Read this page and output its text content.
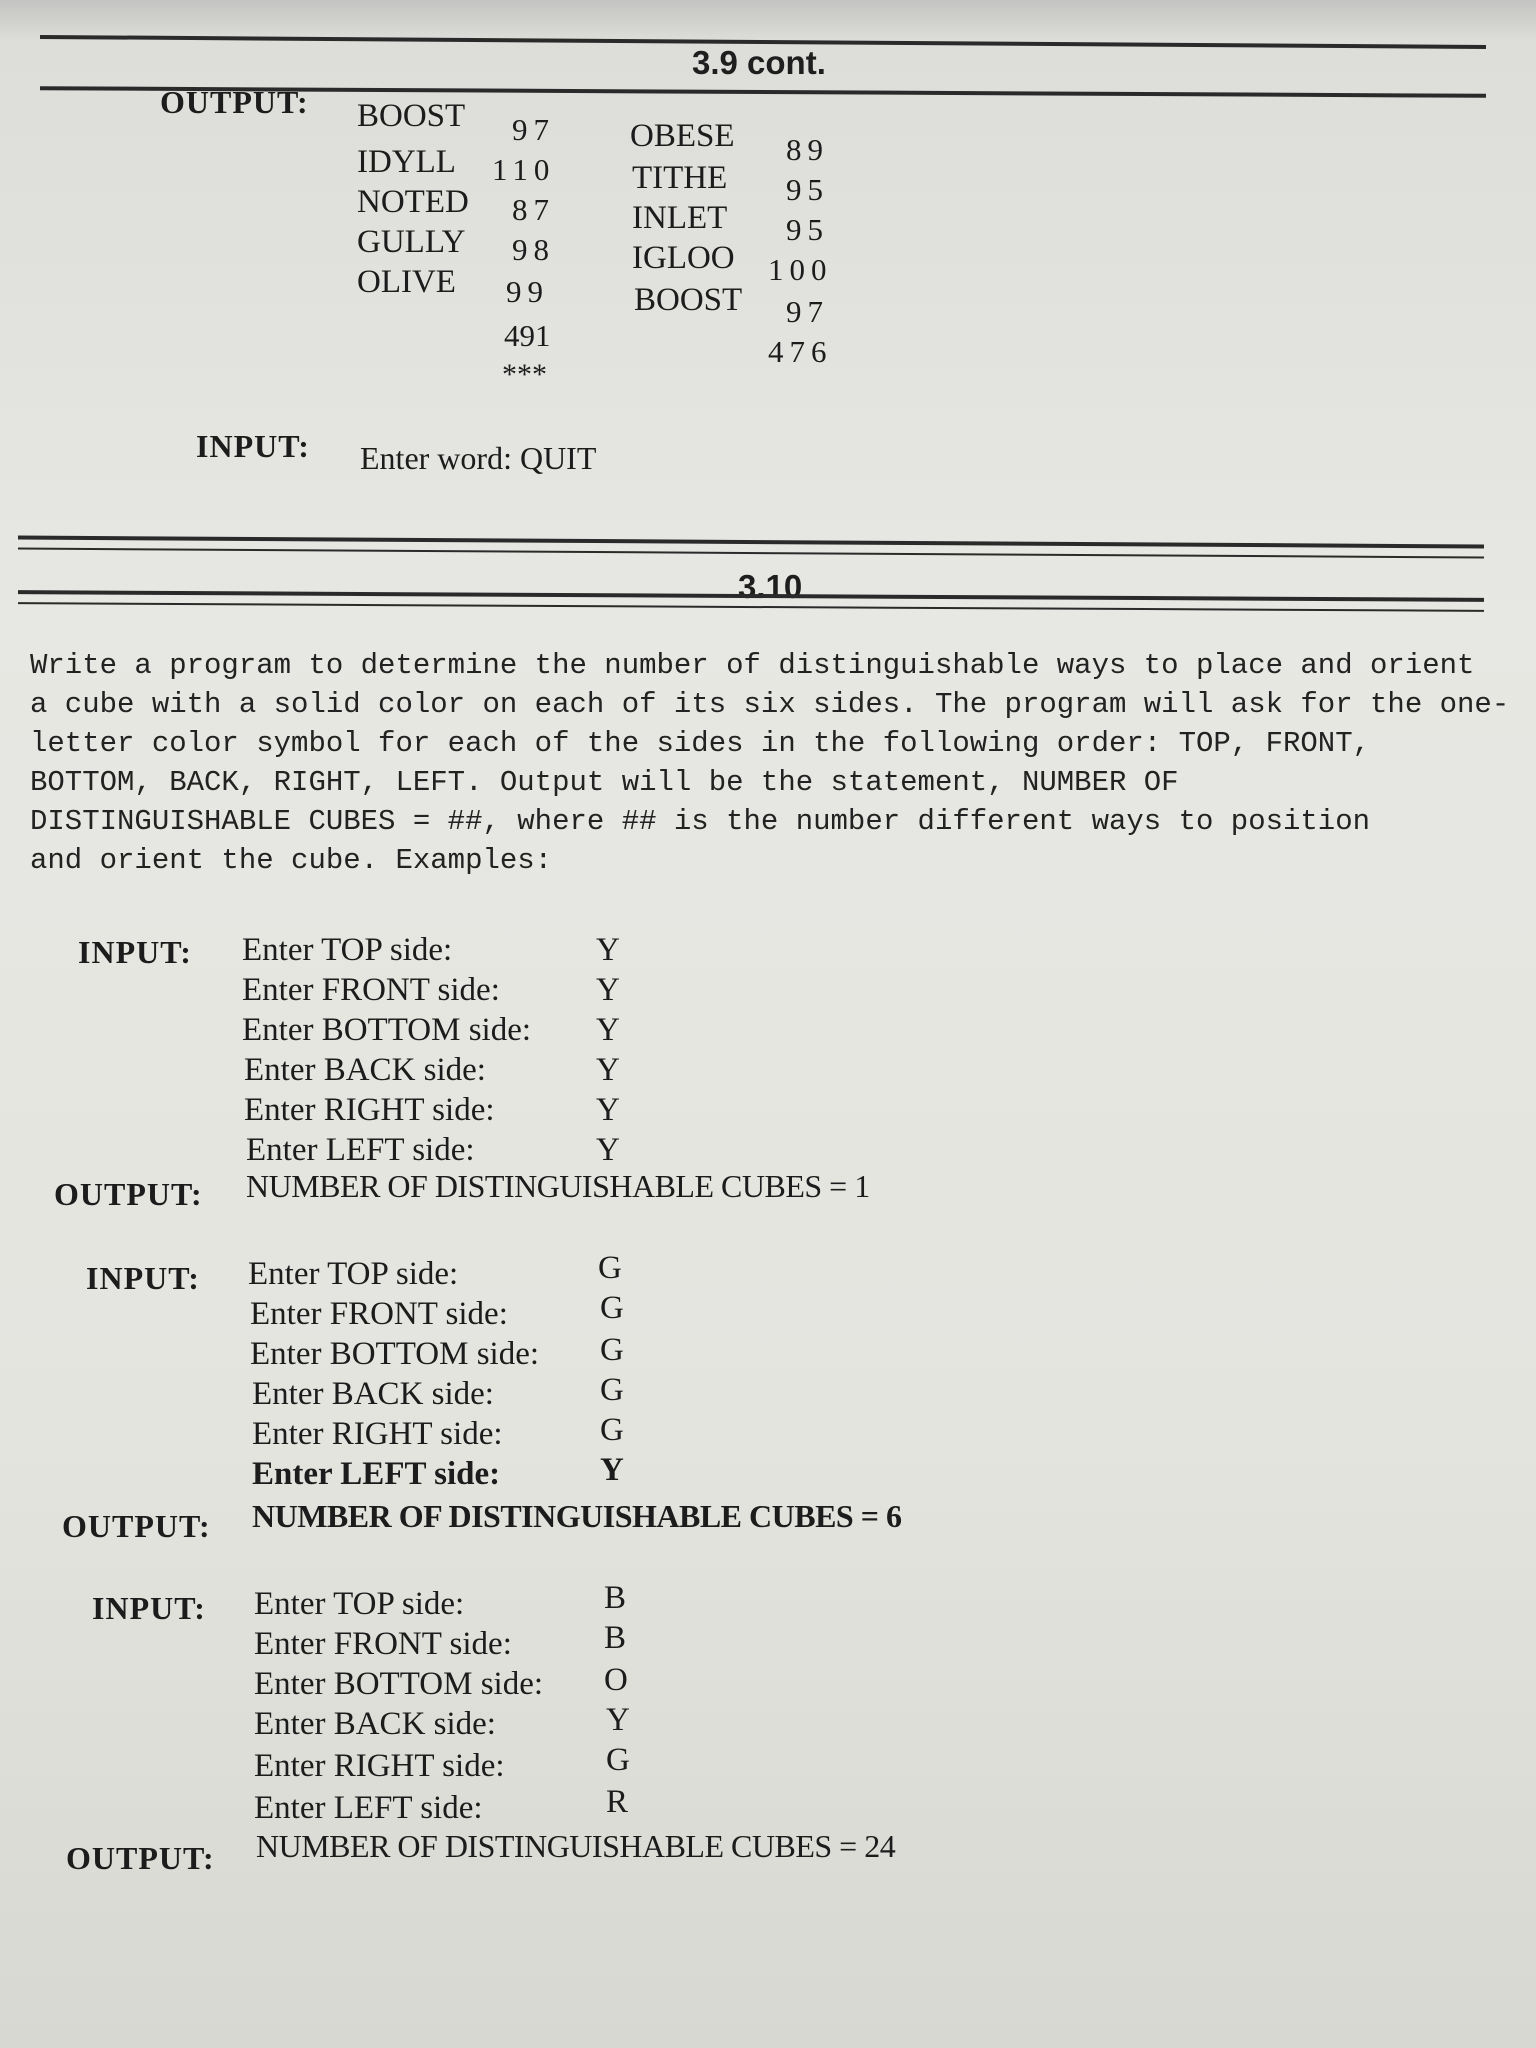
3.9 cont.
OUTPUT: BOOST 97
IDYLL 110
NOTED 87
GULLY 98
OLIVE 99
491
***
OBESE 89
TITHE 95
INLET 95
IGLOO 100
BOOST 97
476
INPUT: Enter word: QUIT
3.10
Write a program to determine the number of distinguishable ways to place and orient
a cube with a solid color on each of its six sides. The program will ask for the one-
letter color symbol for each of the sides in the following order: TOP, FRONT,
BOTTOM, BACK, RIGHT, LEFT. Output will be the statement, NUMBER OF
DISTINGUISHABLE CUBES = ##, where ## is the number different ways to position
and orient the cube. Examples:
INPUT: Enter TOP side:	Y
Enter FRONT side:	Y
Enter BOTTOM side: Y
Enter BACK side:	Y
Enter RIGHT side:	Y
Enter LEFT side:	Y
OUTPUT: NUMBER OF DISTINGUISHABLE CUBES = 1
INPUT: Enter TOP side:	G
Enter FRONT side:	G
Enter BOTTOM side: G
Enter BACK side:	G
Enter RIGHT side:	G
Enter LEFT side:	Y
OUTPUT: NUMBER OF DISTINGUISHABLE CUBES = 6
INPUT: Enter TOP side:	B
Enter FRONT side:	B
Enter BOTTOM side: O
Enter BACK side:	Y
Enter RIGHT side:	G
Enter LEFT side:	R
OUTPUT: NUMBER OF DISTINGUISHABLE CUBES = 24
